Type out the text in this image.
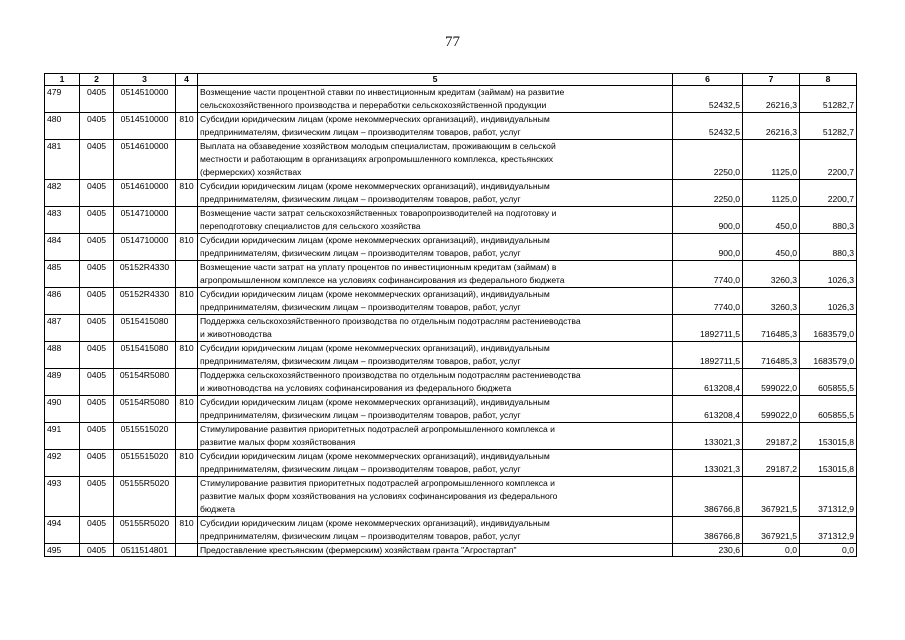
77
1	2	3	4	5	6	7	8
479	0405	0514510000		Возмещение части процентной ставки по инвестиционным кредитам (займам) на развитие
сельскохозяйственного производства и переработки сельскохозяйственной продукции	52432,5	26216,3	51282,7
480	0405	0514510000	810	Субсидии юридическим лицам (кроме некоммерческих организаций), индивидуальным
предпринимателям, физическим лицам – производителям товаров, работ, услуг	52432,5	26216,3	51282,7
481	0405	0514610000		Выплата на обзаведение хозяйством молодым специалистам, проживающим в сельской
местности и работающим в организациях агропромышленного комплекса, крестьянских
(фермерских) хозяйствах	2250,0	1125,0	2200,7
482	0405	0514610000	810	Субсидии юридическим лицам (кроме некоммерческих организаций), индивидуальным
предпринимателям, физическим лицам – производителям товаров, работ, услуг	2250,0	1125,0	2200,7
483	0405	0514710000		Возмещение части затрат сельскохозяйственных товаропроизводителей на подготовку и
переподготовку специалистов для сельского хозяйства	900,0	450,0	880,3
484	0405	0514710000	810	Субсидии юридическим лицам (кроме некоммерческих организаций), индивидуальным
предпринимателям, физическим лицам – производителям товаров, работ, услуг	900,0	450,0	880,3
485	0405	05152R4330		Возмещение части затрат на уплату процентов по инвестиционным кредитам (займам) в
агропромышленном комплексе на условиях софинансирования из федерального бюджета	7740,0	3260,3	1026,3
486	0405	05152R4330	810	Субсидии юридическим лицам (кроме некоммерческих организаций), индивидуальным
предпринимателям, физическим лицам – производителям товаров, работ, услуг	7740,0	3260,3	1026,3
487	0405	0515415080		Поддержка сельскохозяйственного производства по отдельным подотраслям растениеводства
и животноводства	1892711,5	716485,3	1683579,0
488	0405	0515415080	810	Субсидии юридическим лицам (кроме некоммерческих организаций), индивидуальным
предпринимателям, физическим лицам – производителям товаров, работ, услуг	1892711,5	716485,3	1683579,0
489	0405	05154R5080		Поддержка сельскохозяйственного производства по отдельным подотраслям растениеводства
и животноводства на условиях софинансирования из федерального бюджета	613208,4	599022,0	605855,5
490	0405	05154R5080	810	Субсидии юридическим лицам (кроме некоммерческих организаций), индивидуальным
предпринимателям, физическим лицам – производителям товаров, работ, услуг	613208,4	599022,0	605855,5
491	0405	0515515020		Стимулирование развития приоритетных подотраслей агропромышленного комплекса и
развитие малых форм хозяйствования	133021,3	29187,2	153015,8
492	0405	0515515020	810	Субсидии юридическим лицам (кроме некоммерческих организаций), индивидуальным
предпринимателям, физическим лицам – производителям товаров, работ, услуг	133021,3	29187,2	153015,8
493	0405	05155R5020		Стимулирование развития приоритетных подотраслей агропромышленного комплекса и
развитие малых форм хозяйствования на условиях софинансирования из федерального
бюджета	386766,8	367921,5	371312,9
494	0405	05155R5020	810	Субсидии юридическим лицам (кроме некоммерческих организаций), индивидуальным
предпринимателям, физическим лицам – производителям товаров, работ, услуг	386766,8	367921,5	371312,9
495	0405	0511514801		Предоставление крестьянским (фермерским) хозяйствам гранта "Агростартап"	230,6	0,0	0,0
